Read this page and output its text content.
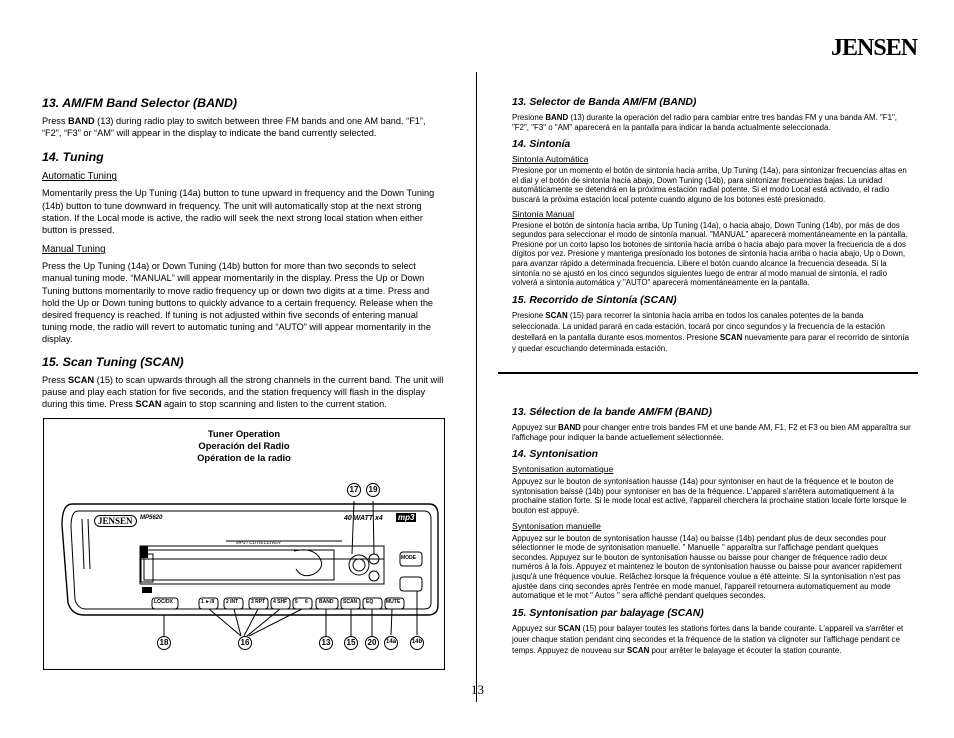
JENSEN
13. AM/FM Band Selector (BAND)

Press BAND (13) during radio play to switch between three FM bands and one AM band. “F1”, “F2”, “F3” or “AM” will appear in the display to indicate the band currently selected.

14. Tuning

Automatic Tuning

Momentarily press the Up Tuning (14a) button to tune upward in frequency and the Down Tuning (14b) button to tune downward in frequency. The unit will automatically stop at the next strong station. If the Local mode is active, the radio will seek the next strong local station when either button is pressed.

Manual Tuning

Press the Up Tuning (14a) or Down Tuning (14b) button for more than two seconds to select manual tuning mode. “MANUAL” will appear momentarily in the display. Press the Up or Down Tuning buttons momentarily to move radio frequency up or down two digits at a time. Press and hold the Up or Down tuning buttons to quickly advance to a certain frequency. Release when the desired frequency is reached. If tuning is not adjusted within five seconds of entering manual tuning mode, the radio will revert to automatic tuning and “AUTO” will appear momentarily in the display.

15. Scan Tuning (SCAN)

Press SCAN (15) to scan upwards through all the strong channels in the current band. The unit will pause and play each station for five seconds, and the station frequency will flash in the display during this time. Press SCAN again to stop scanning and listen to the current station.

Tuner Operation
Operación del Radio
Opération de la radio
JENSEN	MP5620	40 WATT x4 mp3
MP3 / CD RECEIVER
MODE
LOC/DX	1 ►/II 2 INT	3 RPT 4 SHF 5 6 BAND SCAN EQ	MUTE
17	19
18	16	13	15	20	14a	14b
13. Selector de Banda AM/FM (BAND)

Presione BAND (13) durante la operación del radio para cambiar entre tres bandas FM y una banda AM. "F1", "F2", "F3" o "AM" aparecerá en la pantalla para indicar la banda actualmente seleccionada.

14. Sintonía

Sintonía Automática

Presione por un momento el botón de sintonía hacia arriba, Up Tuning (14a), para sintonizar frecuencias altas en el dial y el botón de sintonía hacia abajo, Down Tuning (14b), para sintonizar frecuencias bajas. La unidad automáticamente se detendrá en la próxima estación radial potente. Si el modo Local está activado, el radio buscará la próxima estación local potente cuando alguno de los botones esté presionado.

Sintonía Manual

Presione el botón de sintonía hacia arriba, Up Tuning (14a), o hacia abajo, Down Tuning (14b), por más de dos segundos para seleccionar el modo de sintonía manual. "MANUAL" aparecerá momentáneamente en la pantalla. Presione por un corto lapso los botones de sintonía hacia arriba o hacia abajo para mover la frecuencia de a dos dígitos por vez. Presione y mantenga presionado los botones de sintonía hacia arriba o hacia abajo, Up o Down, para avanzar rápido a determinada frecuencia. Libere el botón cuando alcance la frecuencia deseada. Si la sintonía no se ajustó en los cinco segundos siguientes luego de entrar al modo manual de sintonía, el radio volverá a sintonía automática y "AUTO" aparecerá momentáneamente en la pantalla.

15. Recorrido de Sintonía (SCAN)

Presione SCAN (15) para recorrer la sintonía hacia arriba en todos los canales potentes de la banda seleccionada. La unidad parará en cada estación, tocará por cinco segundos y la frecuencia de la estación destellará en la pantalla durante esos momentos. Presione SCAN nuevamente para parar el recorrido de sintonía y quedar escuchando determinada estación.

13. Sélection de la bande AM/FM (BAND)

Appuyez sur BAND pour changer entre trois bandes FM et une bande AM, F1, F2 et F3 ou bien AM apparaîtra sur l'affichage pour indiquer la bande actuellement sélectionnée.

14. Syntonisation

Syntonisation automatique

Appuyez sur le bouton de syntonisation hausse (14a) pour syntoniser en haut de la fréquence et le bouton de syntonisation baissé (14b) pour syntoniser en bas de la fréquence. L'appareil s'arrêtera automatiquement à la prochaine station forte. Si le mode local est activé, l'appareil cherchera la prochaine station locale forte lorsque le bouton est appuyé.

Syntonisation manuelle

Appuyez sur le bouton de syntonisation hausse (14a) ou baisse (14b) pendant plus de deux secondes pour sélectionner le mode de syntonisation manuelle. " Manuelle " apparaîtra sur l'affichage pendant quelques secondes. Appuyez sur le bouton de syntonisation hausse ou baisse pour changer de fréquence radio deux numéros à la fois. Appuyez et maintenez le bouton de syntonisation hausse ou baisse pour avancer rapidement jusqu'à une fréquence voulue. Relâchez lorsque la fréquence voulue a été atteinte. Si la syntonisation n'est pas ajustée dans cinq secondes après l'entrée en mode manuel, l'appareil retournera automatiquement au mode automatique et le mot " Autos " sera affiché pendant quelques secondes.

15. Syntonisation par balayage (SCAN)

Appuyez sur SCAN (15) pour balayer toutes les stations fortes dans la bande courante. L'appareil va s'arrêter et jouer chaque station pendant cinq secondes et la fréquence de la station va clignoter sur l'affichage pendant ce temps. Appuyez de nouveau sur SCAN pour arrêter le balayage et écouter la station courante.

13
